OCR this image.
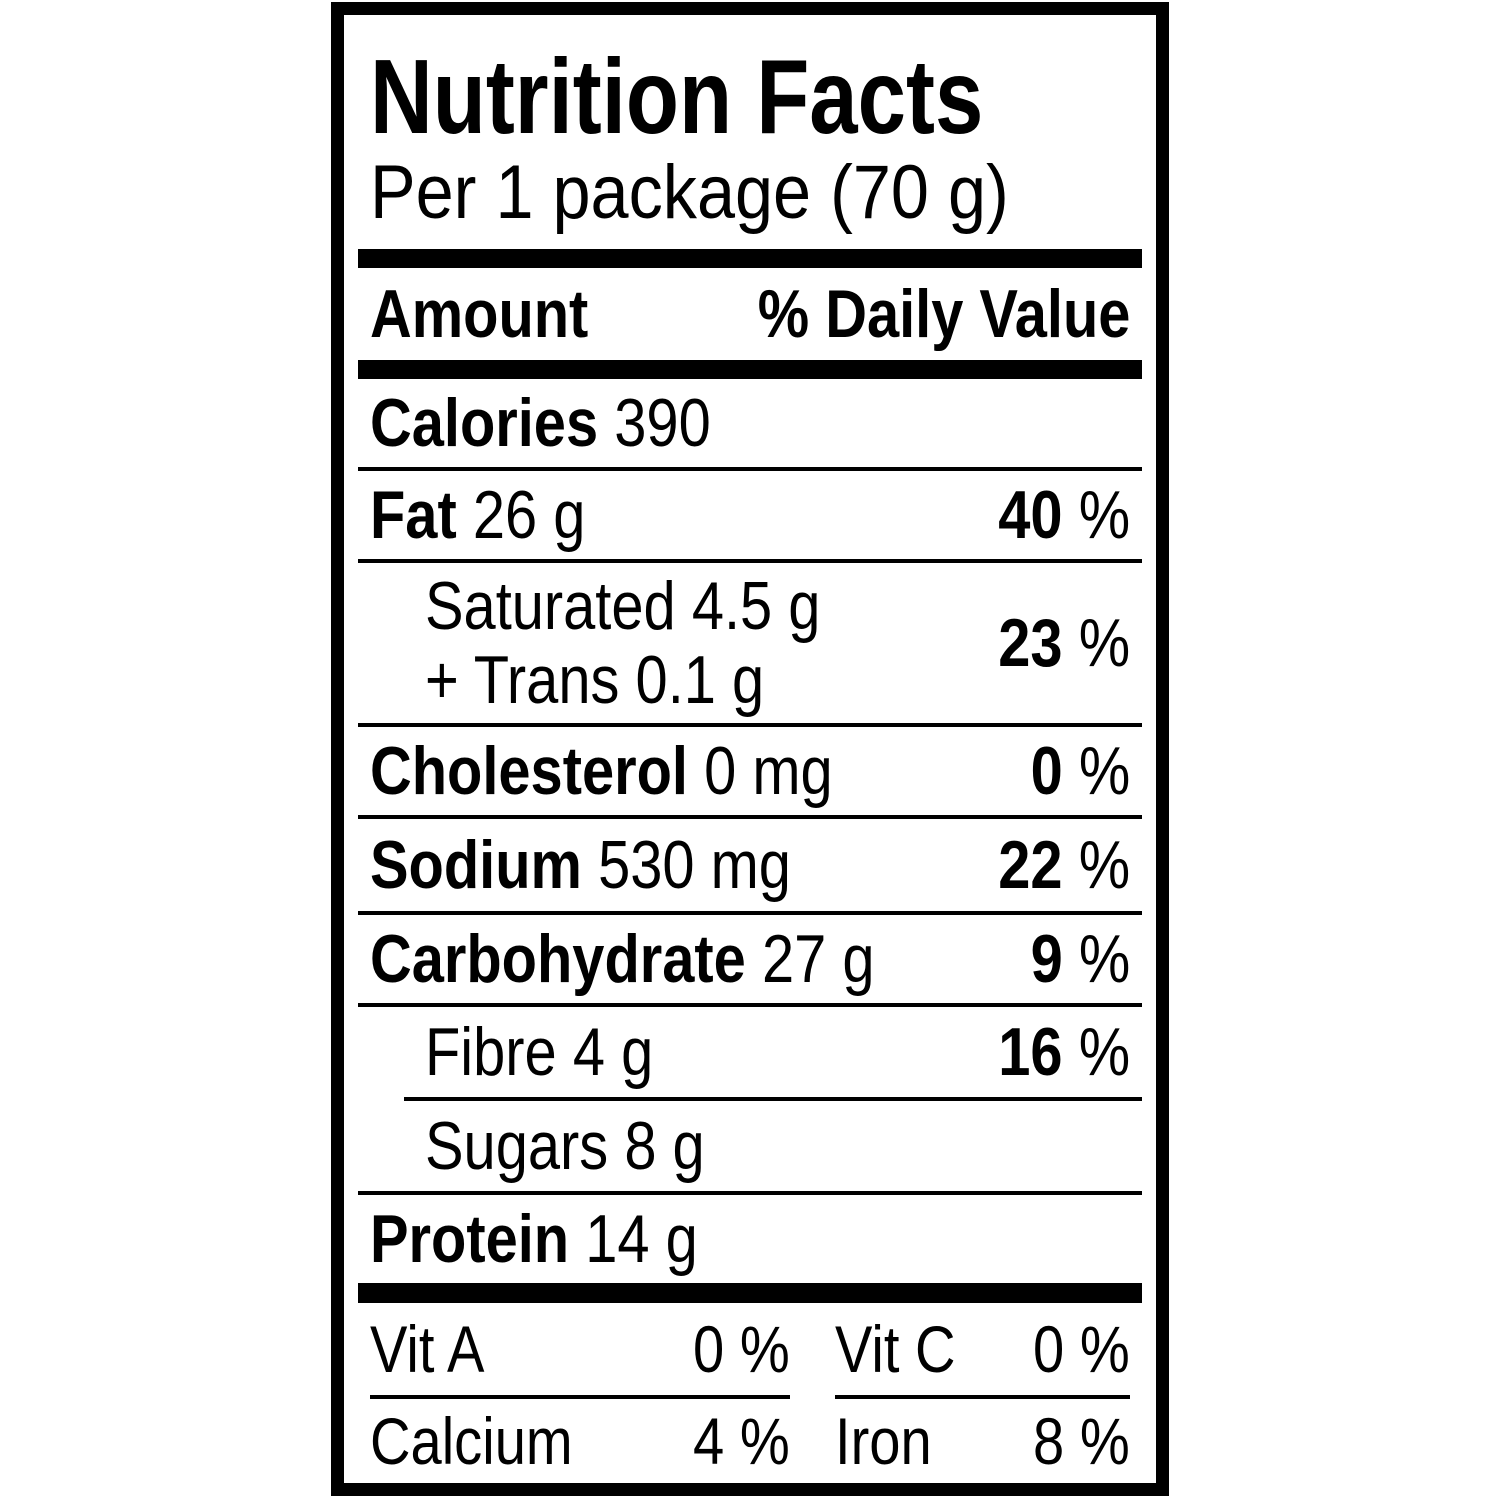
Nutrition Facts
Per 1 package (70 g)
Amount % Daily Value
Calories 390
Fat 26 g	40 %
Saturated 4.5 g
+ Trans 0.1 g	23 %
Cholesterol 0 mg	0 %
Sodium 530 mg	22 %
Carbohydrate 27 g 9 %
Fibre 4 g	16 %
Sugars 8 g
Protein 14 g
Vit A	0 % Vit C 0 %
Calcium 4 % Iron 8 %
